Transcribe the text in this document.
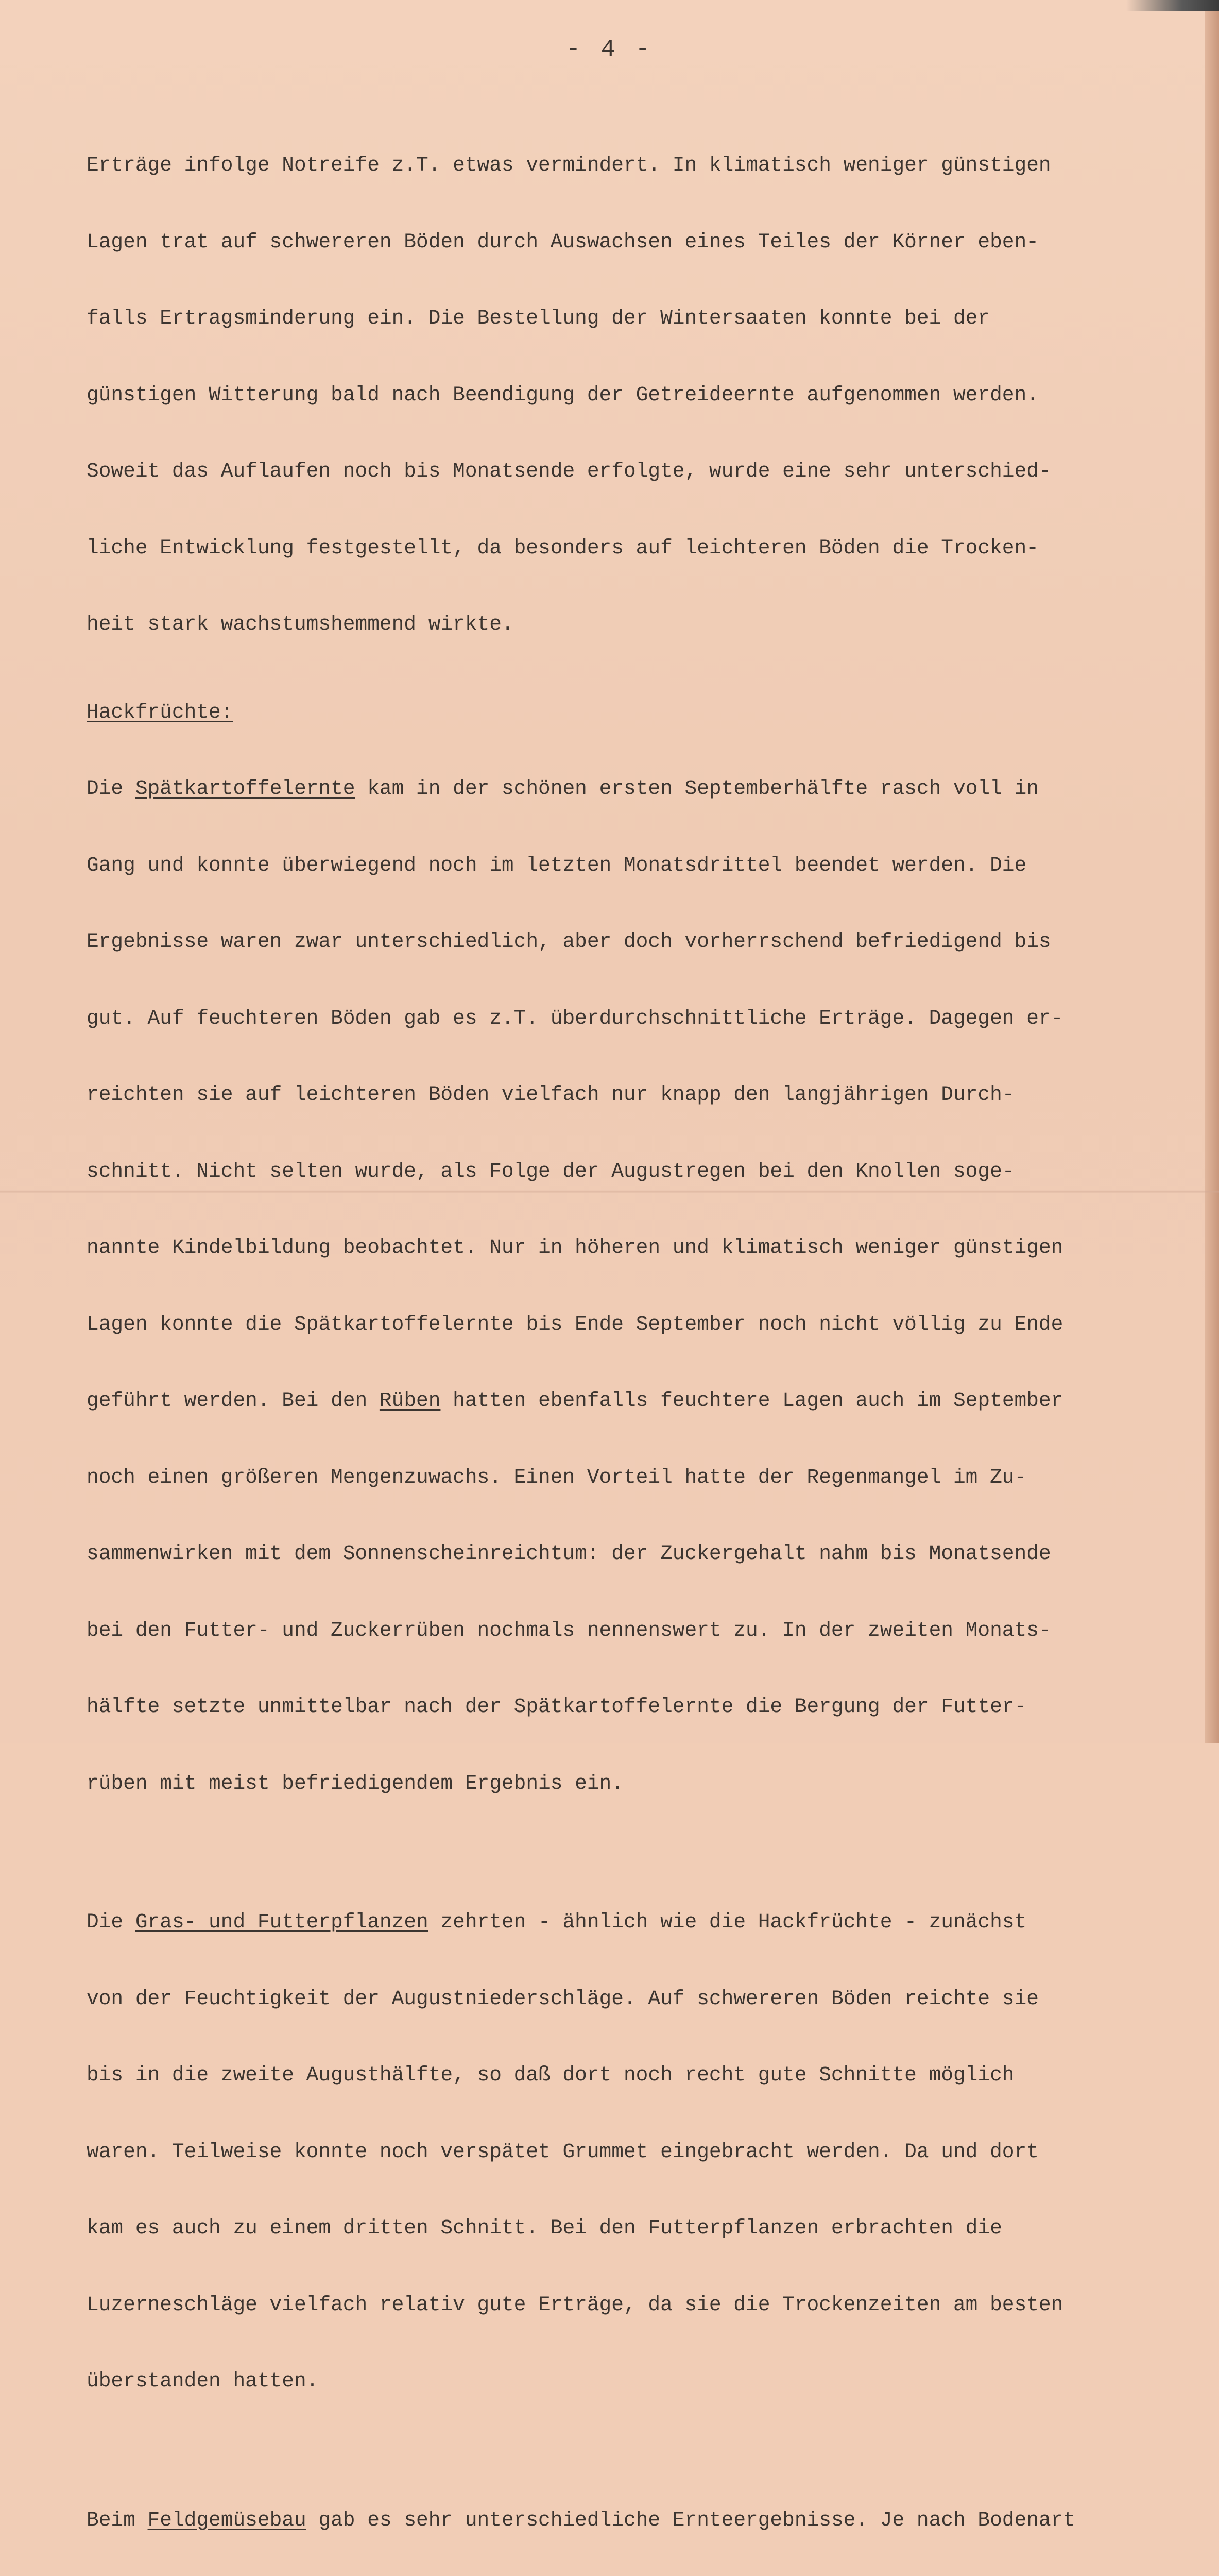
- 4 -

Erträge infolge Notreife z.T. etwas vermindert. In klimatisch weniger günstigen

Lagen trat auf schwereren Böden durch Auswachsen eines Teiles der Körner eben-

falls Ertragsminderung ein. Die Bestellung der Wintersaaten konnte bei der

günstigen Witterung bald nach Beendigung der Getreideernte aufgenommen werden.

Soweit das Auflaufen noch bis Monatsende erfolgte, wurde eine sehr unterschied-

liche Entwicklung festgestellt, da besonders auf leichteren Böden die Trocken-

heit stark wachstumshemmend wirkte.

Hackfrüchte:

Die Spätkartoffelernte kam in der schönen ersten Septemberhälfte rasch voll in

Gang und konnte überwiegend noch im letzten Monatsdrittel beendet werden. Die

Ergebnisse waren zwar unterschiedlich, aber doch vorherrschend befriedigend bis

gut. Auf feuchteren Böden gab es z.T. überdurchschnittliche Erträge. Dagegen er-

reichten sie auf leichteren Böden vielfach nur knapp den langjährigen Durch-

schnitt. Nicht selten wurde, als Folge der Augustregen bei den Knollen soge-

nannte Kindelbildung beobachtet. Nur in höheren und klimatisch weniger günstigen

Lagen konnte die Spätkartoffelernte bis Ende September noch nicht völlig zu Ende

geführt werden. Bei den Rüben hatten ebenfalls feuchtere Lagen auch im September

noch einen größeren Mengenzuwachs. Einen Vorteil hatte der Regenmangel im Zu-

sammenwirken mit dem Sonnenscheinreichtum: der Zuckergehalt nahm bis Monatsende

bei den Futter- und Zuckerrüben nochmals nennenswert zu. In der zweiten Monats-

hälfte setzte unmittelbar nach der Spätkartoffelernte die Bergung der Futter-

rüben mit meist befriedigendem Ergebnis ein.

Die Gras- und Futterpflanzen zehrten - ähnlich wie die Hackfrüchte - zunächst

von der Feuchtigkeit der Augustniederschläge. Auf schwereren Böden reichte sie

bis in die zweite Augusthälfte, so daß dort noch recht gute Schnitte möglich

waren. Teilweise konnte noch verspätet Grummet eingebracht werden. Da und dort

kam es auch zu einem dritten Schnitt. Bei den Futterpflanzen erbrachten die

Luzerneschläge vielfach relativ gute Erträge, da sie die Trockenzeiten am besten

überstanden hatten.

Beim Feldgemüsebau gab es sehr unterschiedliche Ernteergebnisse. Je nach Bodenart
